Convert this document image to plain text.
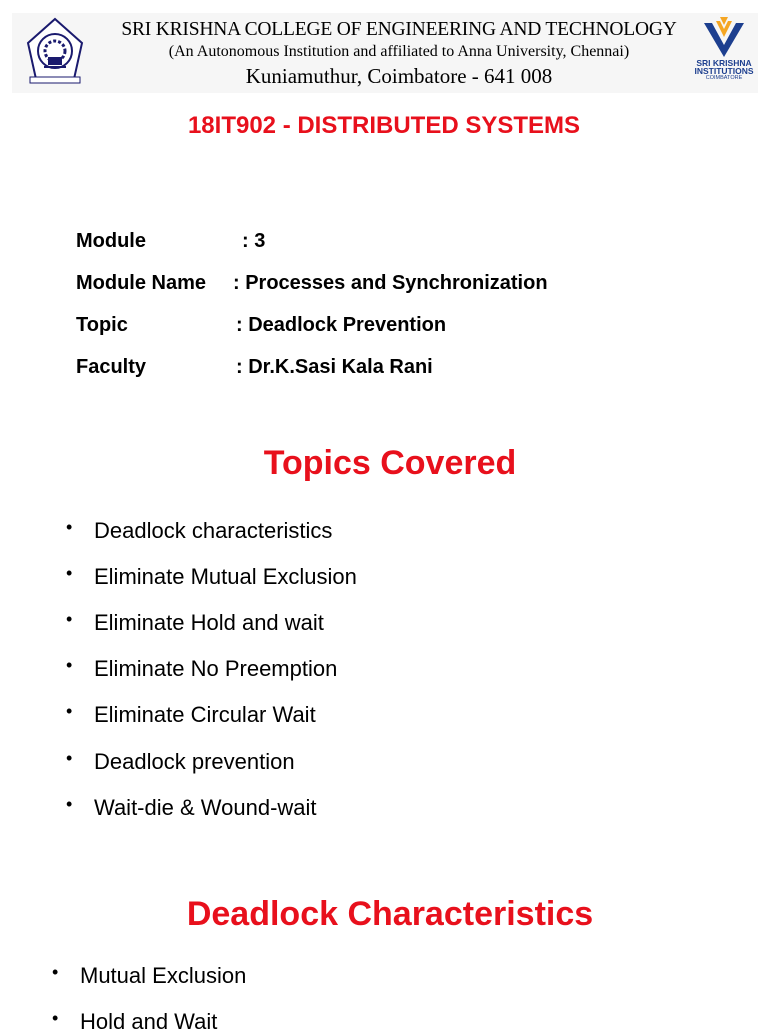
SRI KRISHNA COLLEGE OF ENGINEERING AND TECHNOLOGY
(An Autonomous Institution and affiliated to Anna University, Chennai)
Kuniamuthur, Coimbatore - 641 008
SRI KRISHNA
INSTITUTIONS
COIMBATORE
18IT902 - DISTRIBUTED SYSTEMS
Module	: 3
Module Name : Processes and Synchronization
Topic	: Deadlock Prevention
Faculty	: Dr.K.Sasi Kala Rani
Topics Covered
• Deadlock characteristics
• Eliminate Mutual Exclusion
• Eliminate Hold and wait
• Eliminate No Preemption
• Eliminate Circular Wait
• Deadlock prevention
• Wait-die & Wound-wait
Deadlock Characteristics
• Mutual Exclusion
• Hold and Wait
